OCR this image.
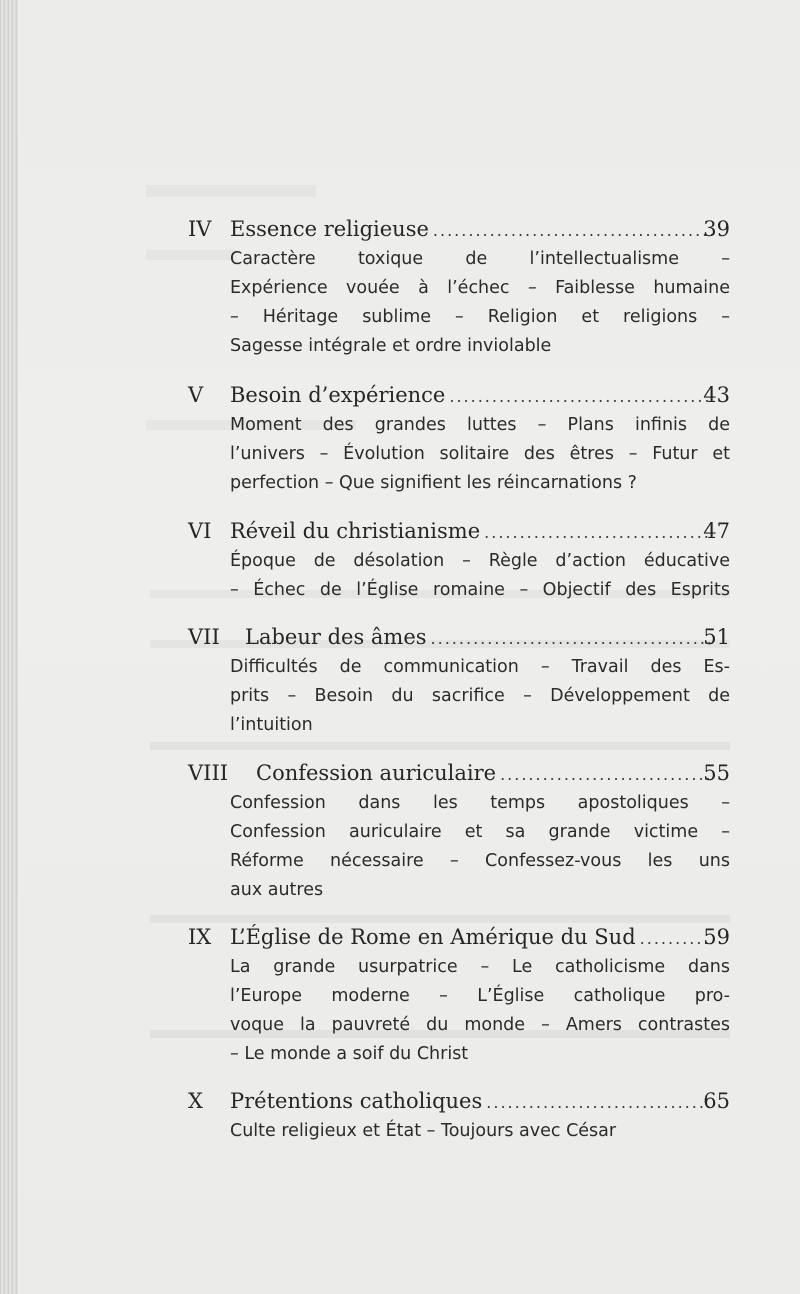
IV Essence religieuse .....	39
Caractère toxique de l’intellectualisme –
Expérience vouée à l’échec – Faiblesse humaine
– Héritage sublime – Religion et religions –
Sagesse intégrale et ordre inviolable
V Besoin d’expérience .....	43
Moment des grandes luttes – Plans infinis de
l’univers – Évolution solitaire des êtres – Futur et
perfection – Que signifient les réincarnations ?
VI Réveil du christianisme .....	47
Époque de désolation – Règle d’action éducative
– Échec de l’Église romaine – Objectif des Esprits
VII Labeur des âmes .....	51
Difficultés de communication – Travail des Es-
prits – Besoin du sacrifice – Développement de
l’intuition
VIII Confession auriculaire .....	55
Confession dans les temps apostoliques –
Confession auriculaire et sa grande victime –
Réforme nécessaire – Confessez-vous les uns
aux autres
IX L’Église de Rome en Amérique du Sud .....	59
La grande usurpatrice – Le catholicisme dans
l’Europe moderne – L’Église catholique pro-
voque la pauvreté du monde – Amers contrastes
– Le monde a soif du Christ
X Prétentions catholiques .....	65
Culte religieux et État – Toujours avec César
